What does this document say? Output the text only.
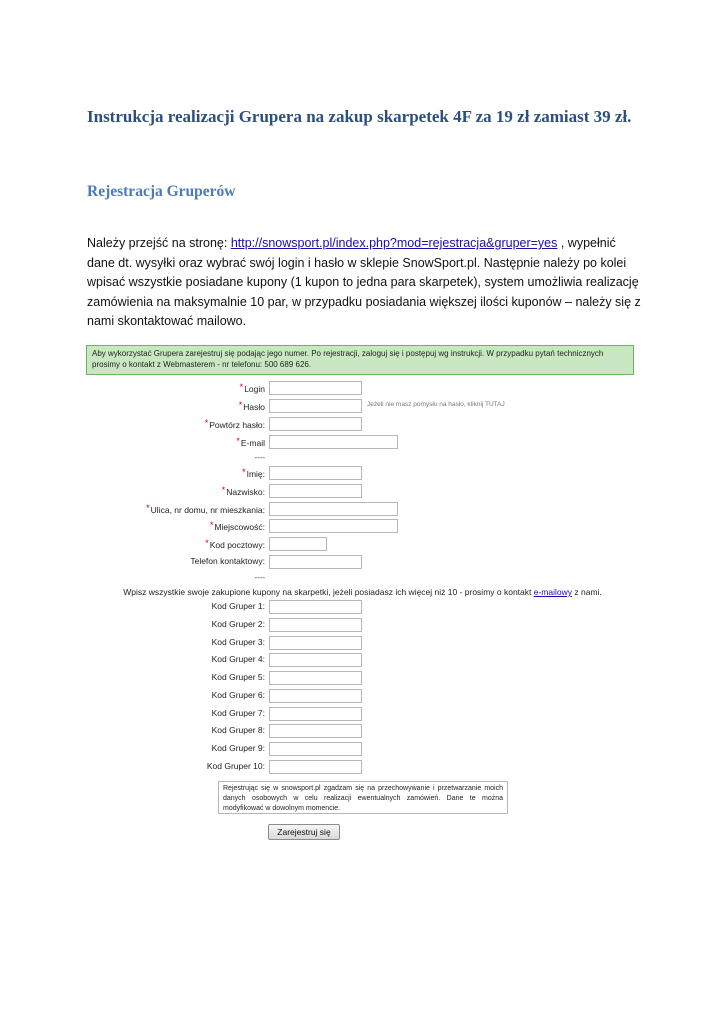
Instrukcja realizacji Grupera na zakup skarpetek 4F za 19 zł zamiast 39 zł.
Rejestracja Gruperów

Należy przejść na stronę: http://snowsport.pl/index.php?mod=rejestracja&gruper=yes , wypełnić dane dt. wysyłki oraz wybrać swój login i hasło w sklepie SnowSport.pl. Następnie należy po kolei wpisać wszystkie posiadane kupony (1 kupon to jedna para skarpetek), system umożliwia realizację zamówienia na maksymalnie 10 par, w przypadku posiadania większej ilości kuponów – należy się z nami skontaktować mailowo.

Aby wykorzystać Grupera zarejestruj się podając jego numer. Po rejestracji, zaloguj się i postępuj wg instrukcji. W przypadku pytań technicznych prosimy o kontakt z Webmasterem - nr telefonu: 500 689 626.
*Login
*Hasło	Jeżeli nie masz pomysłu na hasło, kliknij TUTAJ
*Powtórz hasło:
*E-mail
----
*Imię:
*Nazwisko:
*Ulica, nr domu, nr mieszkania:
*Miejscowość:
*Kod pocztowy:
Telefon kontaktowy:
----
Wpisz wszystkie swoje zakupione kupony na skarpetki, jeżeli posiadasz ich więcej niż 10 - prosimy o kontakt e-mailowy z nami.
Kod Gruper 1:
Kod Gruper 2:
Kod Gruper 3:
Kod Gruper 4:
Kod Gruper 5:
Kod Gruper 6:
Kod Gruper 7:
Kod Gruper 8:
Kod Gruper 9:
Kod Gruper 10:
Rejestrując się w snowsport.pl zgadzam się na przechowywanie i przetwarzanie moich danych osobowych w celu realizacji ewentualnych zamówień. Dane te można modyfikować w dowolnym momencie.
Zarejestruj się
